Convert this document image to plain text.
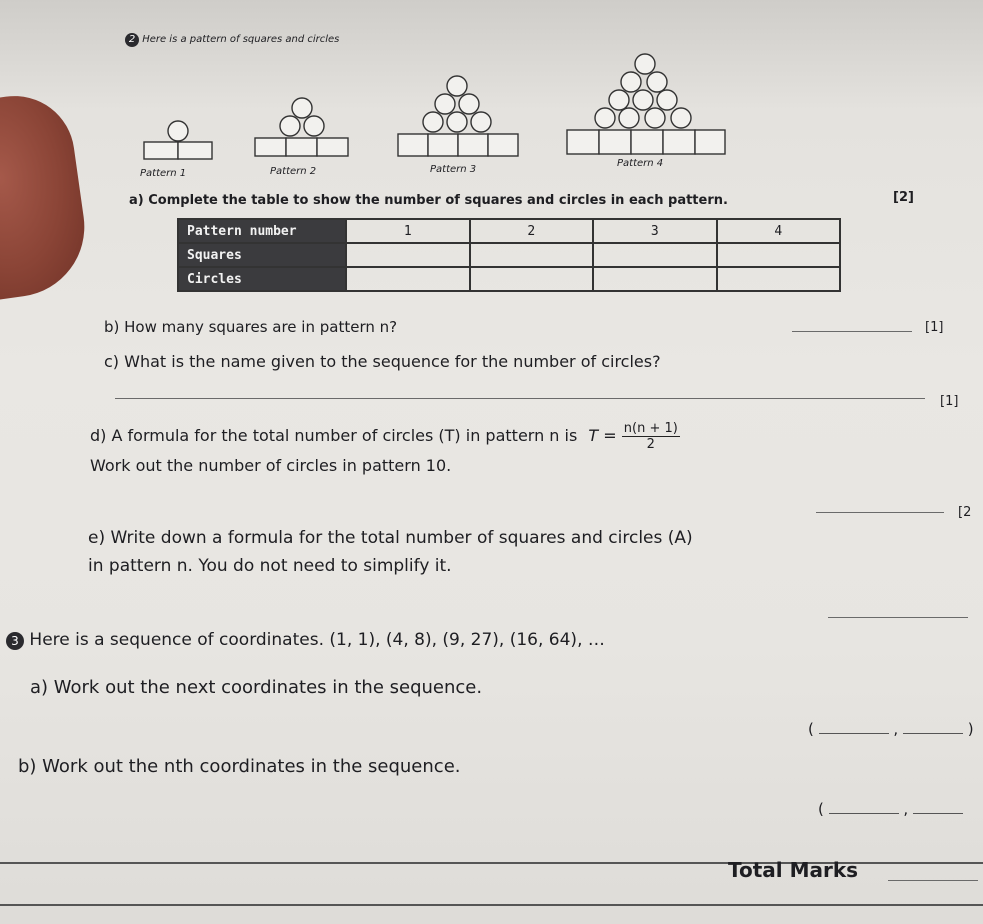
2 Here is a pattern of squares and circles
Pattern 1	Pattern 2	Pattern 3
Pattern 4
a) Complete the table to show the number of squares and circles in each pattern.	[2]
Pattern number	1	2	3	4
Squares				
Circles				
b) How many squares are in pattern n?	[1]
c) What is the name given to the sequence for the number of circles?
[1]
d) A formula for the total number of circles (T) in pattern n is $T = \frac{n(n + 1)}{2}$
Work out the number of circles in pattern 10.
[2
e) Write down a formula for the total number of squares and circles (A)
in pattern n. You do not need to simplify it.
3 Here is a sequence of coordinates. (1, 1), (4, 8), (9, 27), (16, 64), …
a) Work out the next coordinates in the sequence.
(	,	)
b) Work out the nth coordinates in the sequence.
(	,
Total Marks
